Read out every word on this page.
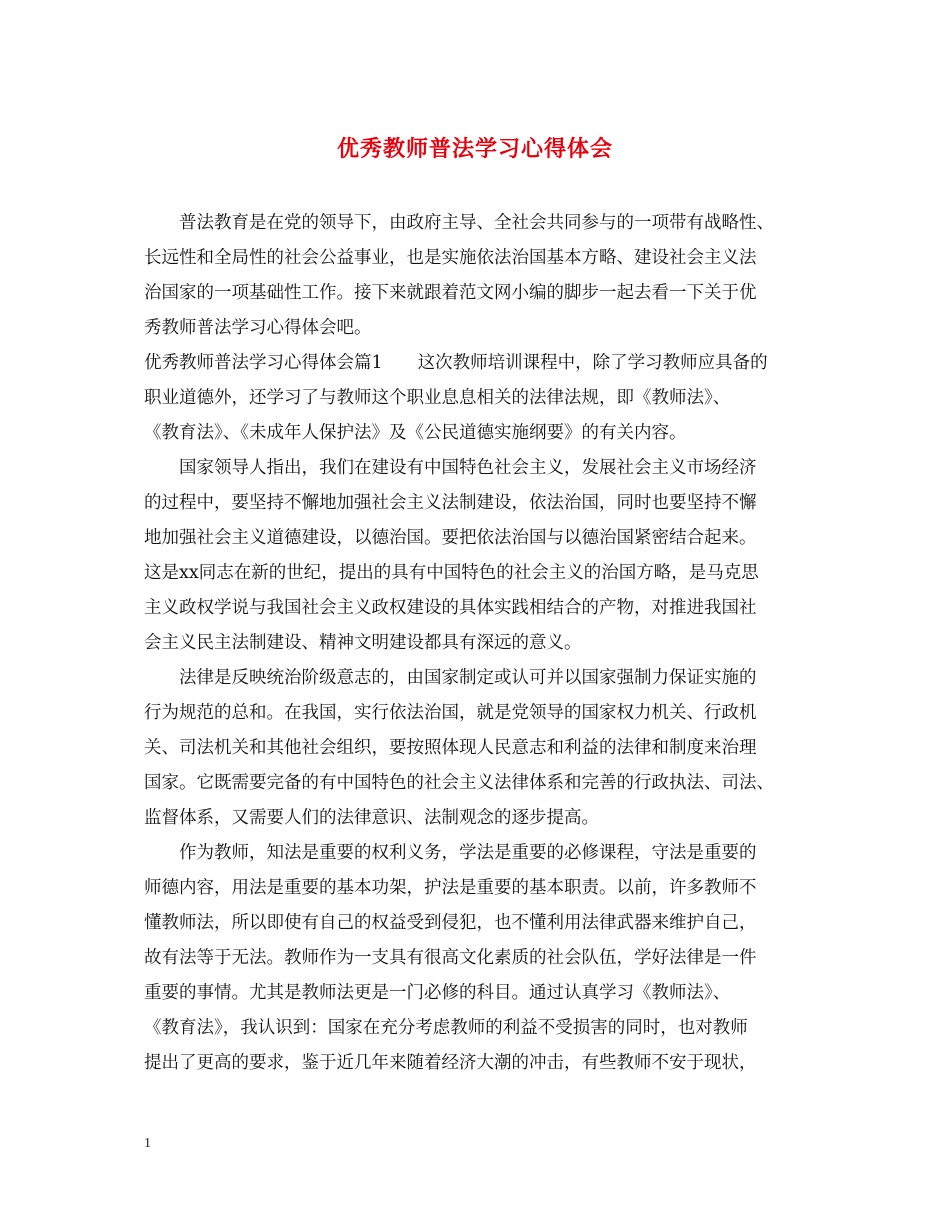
优秀教师普法学习心得体会
　　普法教育是在党的领导下，由政府主导、全社会共同参与的一项带有战略性、
长远性和全局性的社会公益事业，也是实施依法治国基本方略、建设社会主义法
治国家的一项基础性工作。接下来就跟着范文网小编的脚步一起去看一下关于优
秀教师普法学习心得体会吧。
优秀教师普法学习心得体会篇1　　这次教师培训课程中，除了学习教师应具备的
职业道德外，还学习了与教师这个职业息息相关的法律法规，即《教师法》、
《教育法》、《未成年人保护法》及《公民道德实施纲要》的有关内容。
　　国家领导人指出，我们在建设有中国特色社会主义，发展社会主义市场经济
的过程中，要坚持不懈地加强社会主义法制建设，依法治国，同时也要坚持不懈
地加强社会主义道德建设，以德治国。要把依法治国与以德治国紧密结合起来。
这是xx同志在新的世纪，提出的具有中国特色的社会主义的治国方略，是马克思
主义政权学说与我国社会主义政权建设的具体实践相结合的产物，对推进我国社
会主义民主法制建设、精神文明建设都具有深远的意义。
　　法律是反映统治阶级意志的，由国家制定或认可并以国家强制力保证实施的
行为规范的总和。在我国，实行依法治国，就是党领导的国家权力机关、行政机
关、司法机关和其他社会组织，要按照体现人民意志和利益的法律和制度来治理
国家。它既需要完备的有中国特色的社会主义法律体系和完善的行政执法、司法、
监督体系，又需要人们的法律意识、法制观念的逐步提高。
　　作为教师，知法是重要的权利义务，学法是重要的必修课程，守法是重要的
师德内容，用法是重要的基本功架，护法是重要的基本职责。以前，许多教师不
懂教师法，所以即使有自己的权益受到侵犯，也不懂利用法律武器来维护自己，
故有法等于无法。教师作为一支具有很高文化素质的社会队伍，学好法律是一件
重要的事情。尤其是教师法更是一门必修的科目。通过认真学习《教师法》、
《教育法》，我认识到：国家在充分考虑教师的利益不受损害的同时，也对教师
提出了更高的要求，鉴于近几年来随着经济大潮的冲击，有些教师不安于现状，
1
